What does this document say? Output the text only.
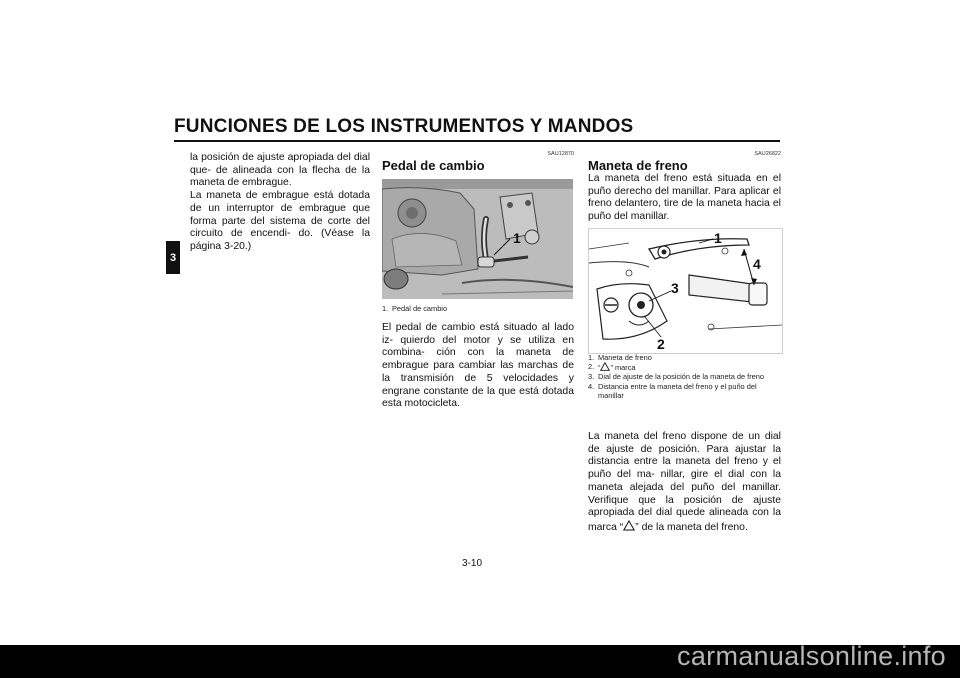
FUNCIONES DE LOS INSTRUMENTOS Y MANDOS
3

la posición de ajuste apropiada del dial que- de alineada con la flecha de la maneta de embrague.

La maneta de embrague está dotada de un interruptor de embrague que forma parte del sistema de corte del circuito de encendi- do. (Véase la página 3-20.)

SAU12870
Pedal de cambio
1
1. Pedal de cambio
El pedal de cambio está situado al lado iz- quierdo del motor y se utiliza en combina- ción con la maneta de embrague para cambiar las marchas de la transmisión de 5 velocidades y engrane constante de la que está dotada esta motocicleta.
SAU26822
Maneta de freno
La maneta del freno está situada en el puño derecho del manillar. Para aplicar el freno delantero, tire de la maneta hacia el puño del manillar.
1
4
3
2
1. Maneta de freno
2. “ ” marca
3. Dial de ajuste de la posición de la maneta de freno
4. Distancia entre la maneta del freno y el puño del manillar
La maneta del freno dispone de un dial de ajuste de posición. Para ajustar la distancia entre la maneta del freno y el puño del ma- nillar, gire el dial con la maneta alejada del puño del manillar. Verifique que la posición de ajuste apropiada del dial quede alineada con la marca “ ” de la maneta del freno.
3-10
carmanualsonline.info
